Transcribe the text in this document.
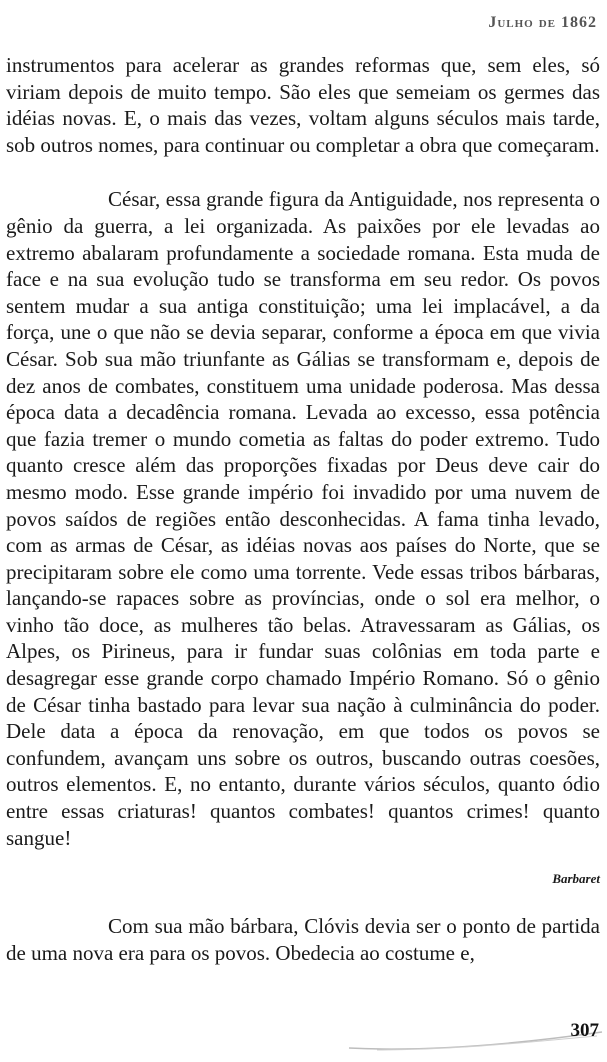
Julho de 1862

instrumentos para acelerar as grandes reformas que, sem eles, só viriam depois de muito tempo. São eles que semeiam os germes das idéias novas. E, o mais das vezes, voltam alguns séculos mais tarde, sob outros nomes, para continuar ou completar a obra que começaram.

César, essa grande figura da Antiguidade, nos representa o gênio da guerra, a lei organizada. As paixões por ele levadas ao extremo abalaram profundamente a sociedade romana. Esta muda de face e na sua evolução tudo se transforma em seu redor. Os povos sentem mudar a sua antiga constituição; uma lei implacável, a da força, une o que não se devia separar, conforme a época em que vivia César. Sob sua mão triunfante as Gálias se transformam e, depois de dez anos de combates, constituem uma unidade poderosa. Mas dessa época data a decadência romana. Levada ao excesso, essa potência que fazia tremer o mundo cometia as faltas do poder extremo. Tudo quanto cresce além das proporções fixadas por Deus deve cair do mesmo modo. Esse grande império foi invadido por uma nuvem de povos saídos de regiões então desconhecidas. A fama tinha levado, com as armas de César, as idéias novas aos países do Norte, que se precipitaram sobre ele como uma torrente. Vede essas tribos bárbaras, lançando-se rapaces sobre as províncias, onde o sol era melhor, o vinho tão doce, as mulheres tão belas. Atravessaram as Gálias, os Alpes, os Pirineus, para ir fundar suas colônias em toda parte e desagregar esse grande corpo chamado Império Romano. Só o gênio de César tinha bastado para levar sua nação à culminância do poder. Dele data a época da renovação, em que todos os povos se confundem, avançam uns sobre os outros, buscando outras coesões, outros elementos. E, no entanto, durante vários séculos, quanto ódio entre essas criaturas! quantos combates! quantos crimes! quanto sangue!

Barbaret

Com sua mão bárbara, Clóvis devia ser o ponto de partida de uma nova era para os povos. Obedecia ao costume e,

307
